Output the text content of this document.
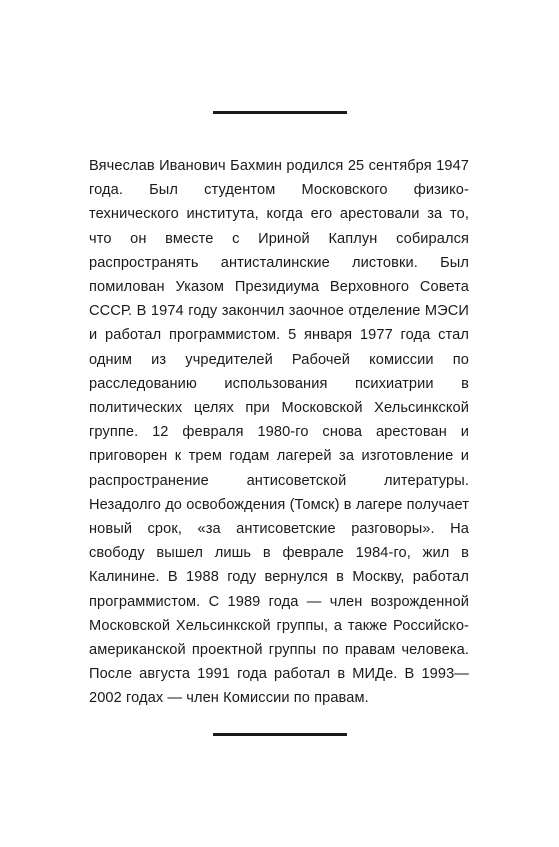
Вячеслав Иванович Бахмин родился 25 сентября 1947 года. Был студентом Московского физико-технического института, когда его арестовали за то, что он вместе с Ириной Каплун собирался распространять антисталинские листовки. Был помилован Указом Президиума Верховного Совета СССР. В 1974 году закончил заочное отделение МЭСИ и работал программистом. 5 января 1977 года стал одним из учредителей Рабочей комиссии по расследованию использования психиатрии в политических целях при Московской Хельсинкской группе. 12 февраля 1980-го снова арестован и приговорен к трем годам лагерей за изготовление и распространение антисоветской литературы. Незадолго до освобождения (Томск) в лагере получает новый срок, «за антисоветские разговоры». На свободу вышел лишь в феврале 1984-го, жил в Калинине. В 1988 году вернулся в Москву, работал программистом. С 1989 года — член возрожденной Московской Хельсинкской группы, а также Российско-американской проектной группы по правам человека. После августа 1991 года работал в МИДе. В 1993—2002 годах — член Комиссии по правам.
